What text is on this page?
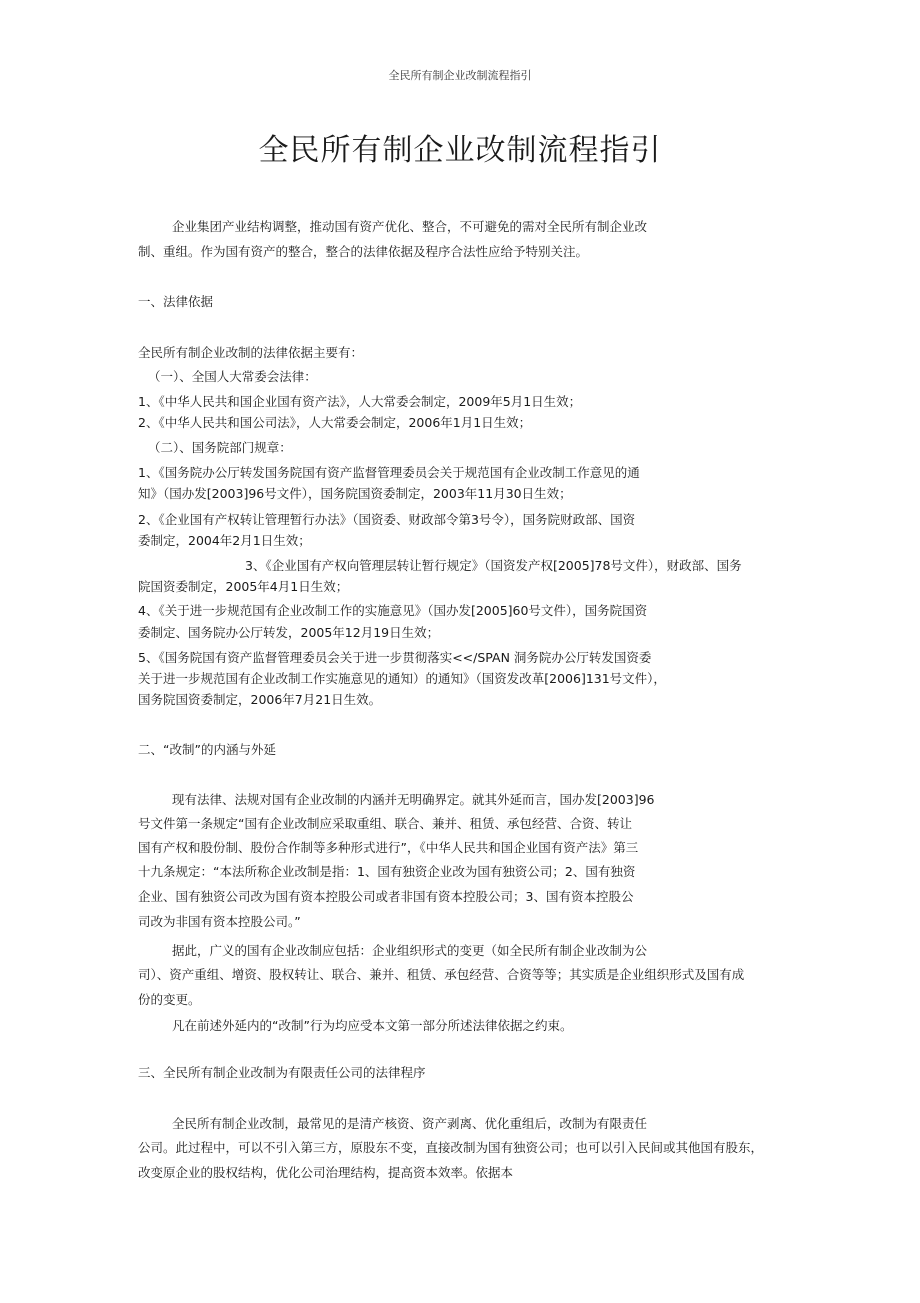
全民所有制企业改制流程指引
全民所有制企业改制流程指引
企业集团产业结构调整，推动国有资产优化、整合，不可避免的需对全民所有制企业改
制、重组。作为国有资产的整合，整合的法律依据及程序合法性应给予特别关注。
一、法律依据
全民所有制企业改制的法律依据主要有：
（一）、全国人大常委会法律：
1、《中华人民共和国企业国有资产法》，人大常委会制定，2009年5月1日生效；
2、《中华人民共和国公司法》，人大常委会制定，2006年1月1日生效；
（二）、国务院部门规章：
1、《国务院办公厅转发国务院国有资产监督管理委员会关于规范国有企业改制工作意见的通
知》（国办发[2003]96号文件），国务院国资委制定，2003年11月30日生效；
2、《企业国有产权转让管理暂行办法》（国资委、财政部令第3号令），国务院财政部、国资
委制定，2004年2月1日生效；
3、《企业国有产权向管理层转让暂行规定》（国资发产权[2005]78号文件），财政部、国务
院国资委制定，2005年4月1日生效；
4、《关于进一步规范国有企业改制工作的实施意见》（国办发[2005]60号文件），国务院国资
委制定、国务院办公厅转发，2005年12月19日生效；
5、《国务院国有资产监督管理委员会关于进一步贯彻落实<</SPAN 洞务院办公厅转发国资委
关于进一步规范国有企业改制工作实施意见的通知）的通知》（国资发改革[2006]131号文件），
国务院国资委制定，2006年7月21日生效。
二、“改制”的内涵与外延
现有法律、法规对国有企业改制的内涵并无明确界定。就其外延而言，国办发[2003]96
号文件第一条规定“国有企业改制应采取重组、联合、兼并、租赁、承包经营、合资、转让
国有产权和股份制、股份合作制等多种形式进行”，《中华人民共和国企业国有资产法》第三
十九条规定：“本法所称企业改制是指：1、国有独资企业改为国有独资公司；2、国有独资
企业、国有独资公司改为国有资本控股公司或者非国有资本控股公司；3、国有资本控股公
司改为非国有资本控股公司。”
据此，广义的国有企业改制应包括：企业组织形式的变更（如全民所有制企业改制为公
司）、资产重组、增资、股权转让、联合、兼并、租赁、承包经营、合资等等；其实质是企业组织形式及国有成
份的变更。
凡在前述外延内的“改制”行为均应受本文第一部分所述法律依据之约束。
三、全民所有制企业改制为有限责任公司的法律程序
全民所有制企业改制，最常见的是清产核资、资产剥离、优化重组后，改制为有限责任
公司。此过程中，可以不引入第三方，原股东不变，直接改制为国有独资公司；也可以引入民间或其他国有股东，
改变原企业的股权结构，优化公司治理结构，提高资本效率。依据本
